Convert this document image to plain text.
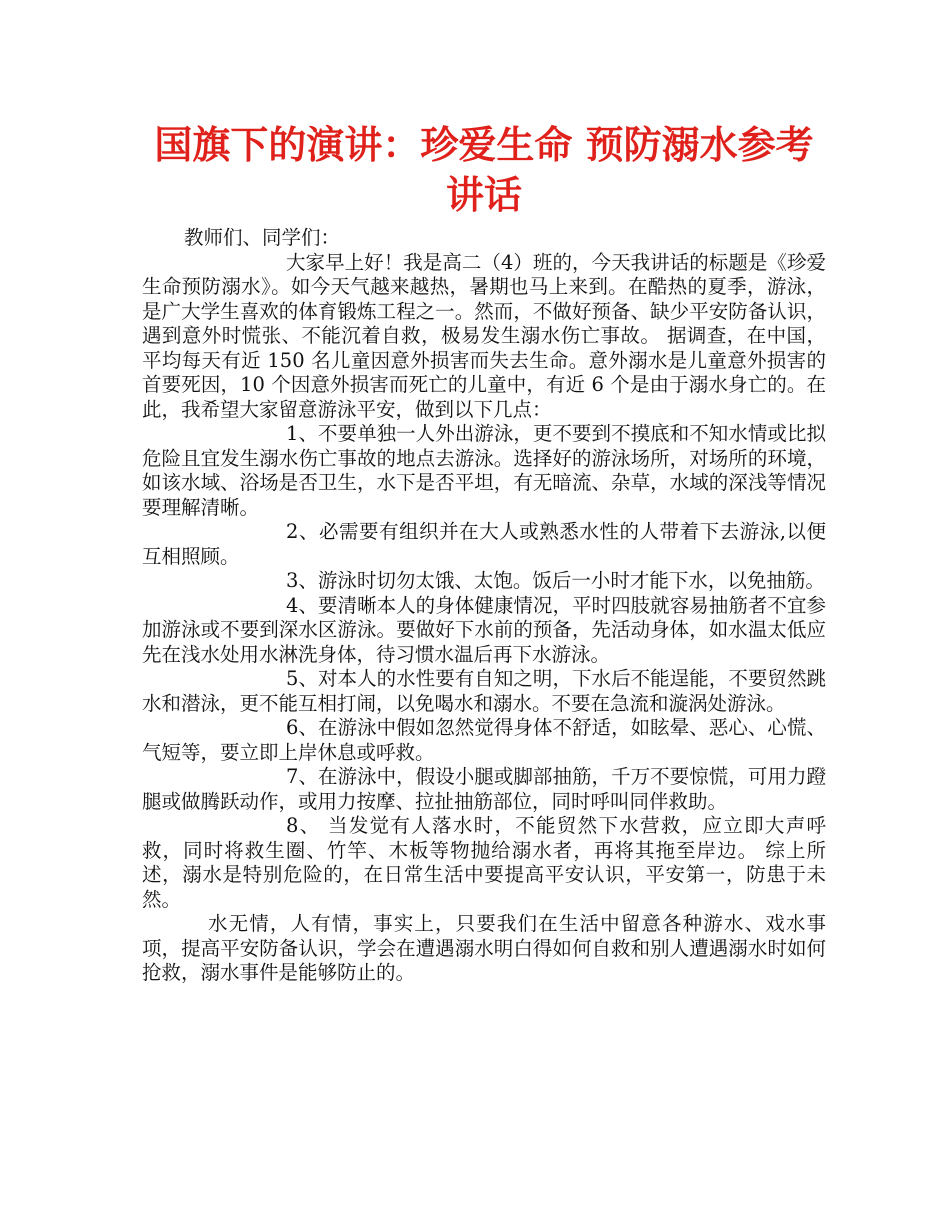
国旗下的演讲：珍爱生命 预防溺水参考讲话

教师们、同学们：

大家早上好！我是高二（4）班的，今天我讲话的标题是《珍爱生命预防溺水》。如今天气越来越热，暑期也马上来到。在酷热的夏季，游泳，是广大学生喜欢的体育锻炼工程之一。然而，不做好预备、缺少平安防备认识，遇到意外时慌张、不能沉着自救，极易发生溺水伤亡事故。 据调查，在中国，平均每天有近 150 名儿童因意外损害而失去生命。意外溺水是儿童意外损害的首要死因，10 个因意外损害而死亡的儿童中，有近 6 个是由于溺水身亡的。在此，我希望大家留意游泳平安，做到以下几点：

1、不要单独一人外出游泳，更不要到不摸底和不知水情或比拟危险且宜发生溺水伤亡事故的地点去游泳。选择好的游泳场所，对场所的环境，如该水域、浴场是否卫生，水下是否平坦，有无暗流、杂草，水域的深浅等情况要理解清晰。

2、必需要有组织并在大人或熟悉水性的人带着下去游泳,以便互相照顾。

3、游泳时切勿太饿、太饱。饭后一小时才能下水，以免抽筋。

4、要清晰本人的身体健康情况，平时四肢就容易抽筋者不宜参加游泳或不要到深水区游泳。要做好下水前的预备，先活动身体，如水温太低应先在浅水处用水淋洗身体，待习惯水温后再下水游泳。

5、对本人的水性要有自知之明，下水后不能逞能，不要贸然跳水和潜泳，更不能互相打闹，以免喝水和溺水。不要在急流和漩涡处游泳。

6、在游泳中假如忽然觉得身体不舒适，如眩晕、恶心、心慌、气短等，要立即上岸休息或呼救。

7、在游泳中，假设小腿或脚部抽筋，千万不要惊慌，可用力蹬腿或做腾跃动作，或用力按摩、拉扯抽筋部位，同时呼叫同伴救助。

8、 当发觉有人落水时，不能贸然下水营救，应立即大声呼救，同时将救生圈、竹竿、木板等物抛给溺水者，再将其拖至岸边。 综上所述，溺水是特别危险的，在日常生活中要提高平安认识，平安第一，防患于未然。

水无情，人有情，事实上，只要我们在生活中留意各种游水、戏水事项，提高平安防备认识，学会在遭遇溺水明白得如何自救和别人遭遇溺水时如何抢救，溺水事件是能够防止的。
